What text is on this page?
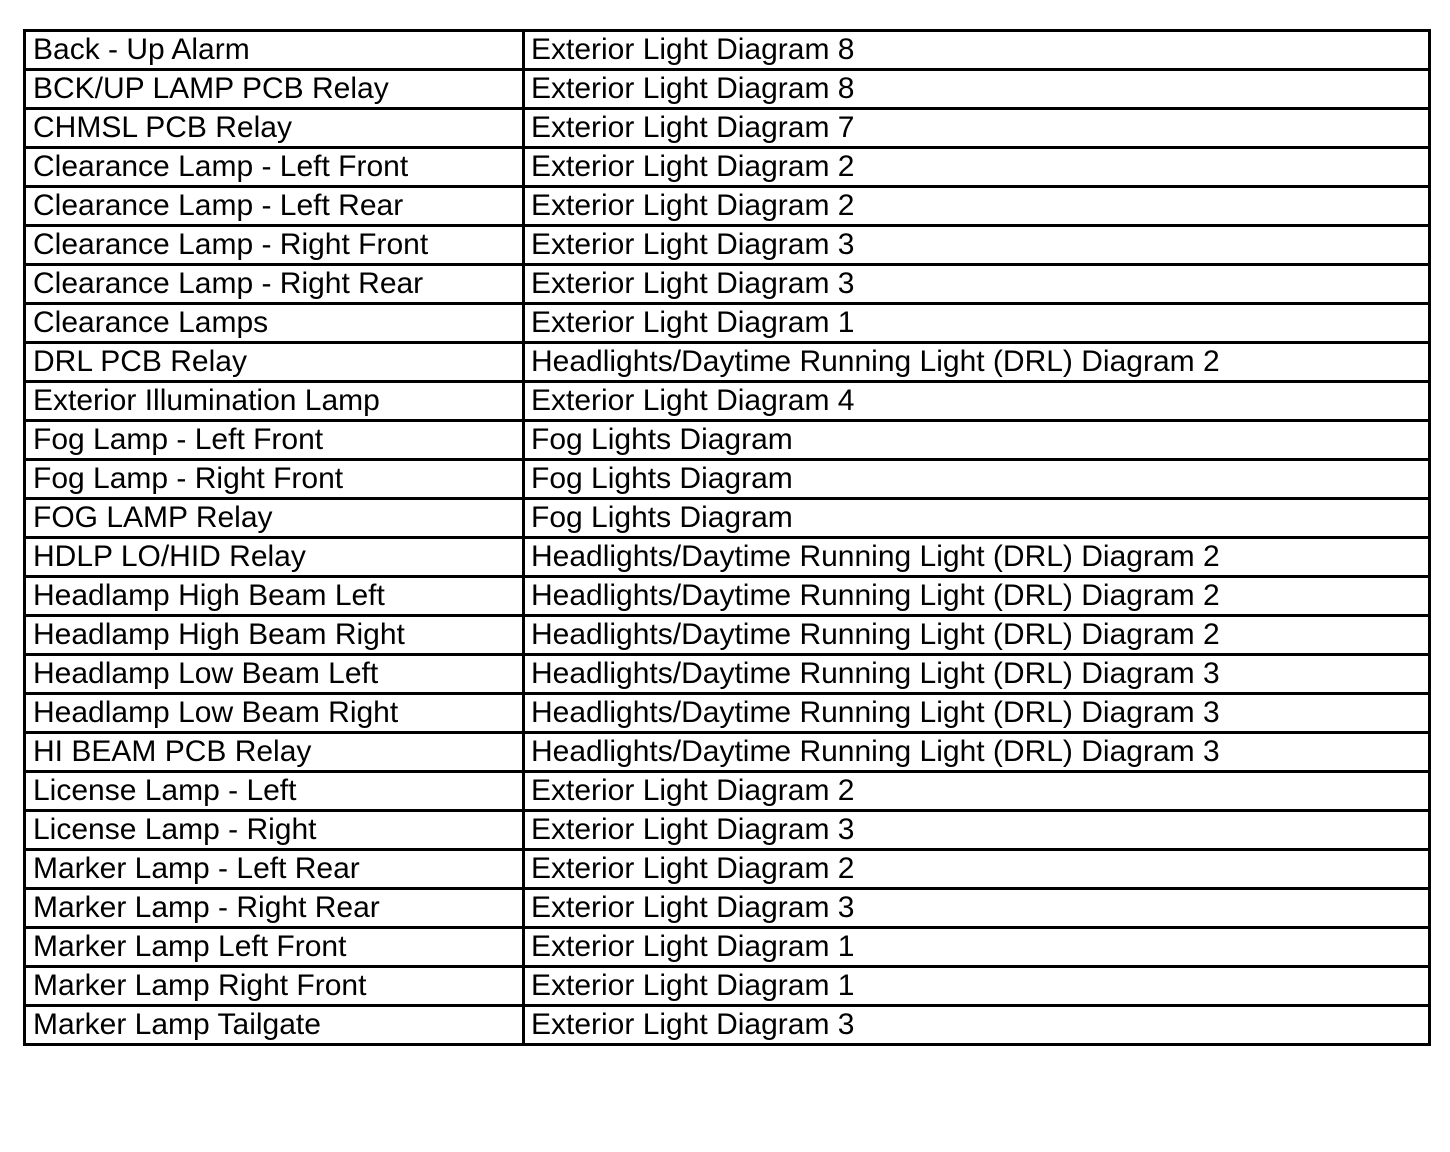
Back - Up Alarm	Exterior Light Diagram 8
BCK/UP LAMP PCB Relay	Exterior Light Diagram 8
CHMSL PCB Relay	Exterior Light Diagram 7
Clearance Lamp - Left Front	Exterior Light Diagram 2
Clearance Lamp - Left Rear	Exterior Light Diagram 2
Clearance Lamp - Right Front	Exterior Light Diagram 3
Clearance Lamp - Right Rear	Exterior Light Diagram 3
Clearance Lamps	Exterior Light Diagram 1
DRL PCB Relay	Headlights/Daytime Running Light (DRL) Diagram 2
Exterior Illumination Lamp	Exterior Light Diagram 4
Fog Lamp - Left Front	Fog Lights Diagram
Fog Lamp - Right Front	Fog Lights Diagram
FOG LAMP Relay	Fog Lights Diagram
HDLP LO/HID Relay	Headlights/Daytime Running Light (DRL) Diagram 2
Headlamp High Beam Left	Headlights/Daytime Running Light (DRL) Diagram 2
Headlamp High Beam Right	Headlights/Daytime Running Light (DRL) Diagram 2
Headlamp Low Beam Left	Headlights/Daytime Running Light (DRL) Diagram 3
Headlamp Low Beam Right	Headlights/Daytime Running Light (DRL) Diagram 3
HI BEAM PCB Relay	Headlights/Daytime Running Light (DRL) Diagram 3
License Lamp - Left	Exterior Light Diagram 2
License Lamp - Right	Exterior Light Diagram 3
Marker Lamp - Left Rear	Exterior Light Diagram 2
Marker Lamp - Right Rear	Exterior Light Diagram 3
Marker Lamp Left Front	Exterior Light Diagram 1
Marker Lamp Right Front	Exterior Light Diagram 1
Marker Lamp Tailgate	Exterior Light Diagram 3
